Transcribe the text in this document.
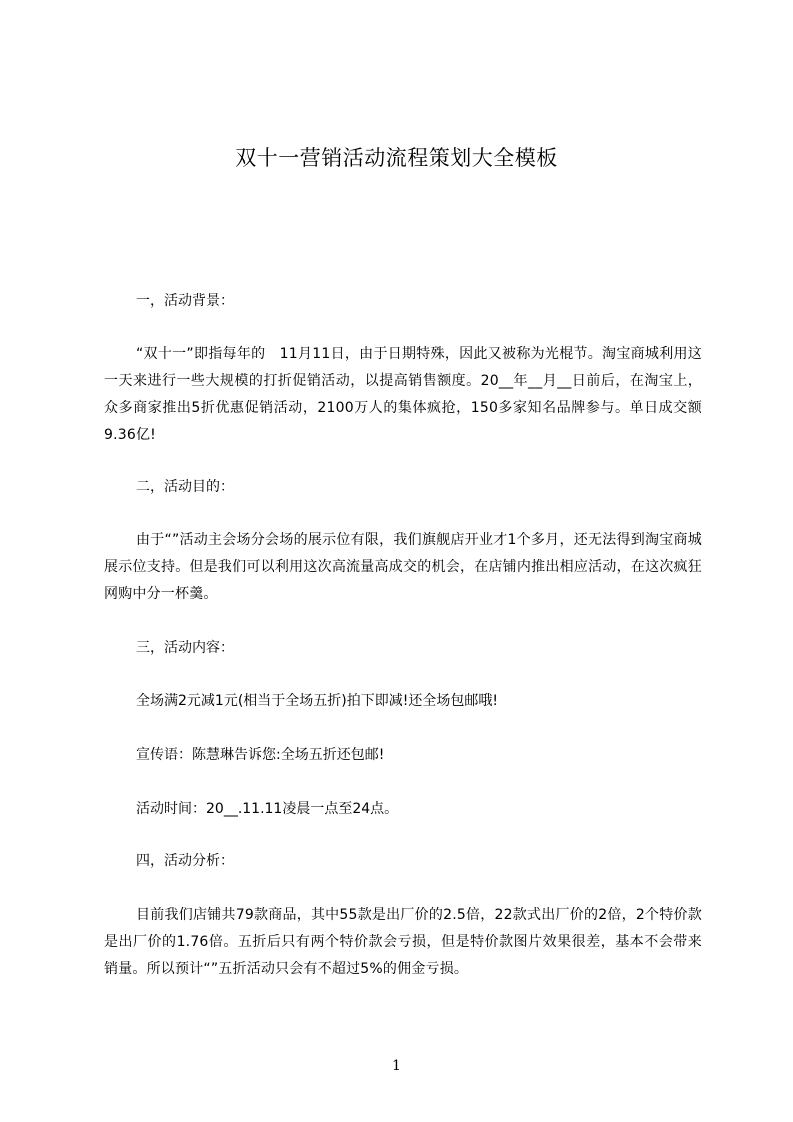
双十一营销活动流程策划大全模板
一，活动背景：
“双十一”即指每年的　11月11日，由于日期特殊，因此又被称为光棍节。淘宝商城利用这一天来进行一些大规模的打折促销活动，以提高销售额度。20__年__月__日前后，在淘宝上，众多商家推出5折优惠促销活动，2100万人的集体疯抢，150多家知名品牌参与。单日成交额9.36亿!
二，活动目的：
由于“”活动主会场分会场的展示位有限，我们旗舰店开业才1个多月，还无法得到淘宝商城展示位支持。但是我们可以利用这次高流量高成交的机会，在店铺内推出相应活动，在这次疯狂网购中分一杯羹。
三，活动内容：
全场满2元减1元(相当于全场五折)拍下即减!还全场包邮哦!
宣传语：陈慧琳告诉您:全场五折还包邮!
活动时间：20__.11.11凌晨一点至24点。
四，活动分析：
目前我们店铺共79款商品，其中55款是出厂价的2.5倍，22款式出厂价的2倍，2个特价款是出厂价的1.76倍。五折后只有两个特价款会亏损，但是特价款图片效果很差，基本不会带来销量。所以预计“”五折活动只会有不超过5%的佣金亏损。
1
